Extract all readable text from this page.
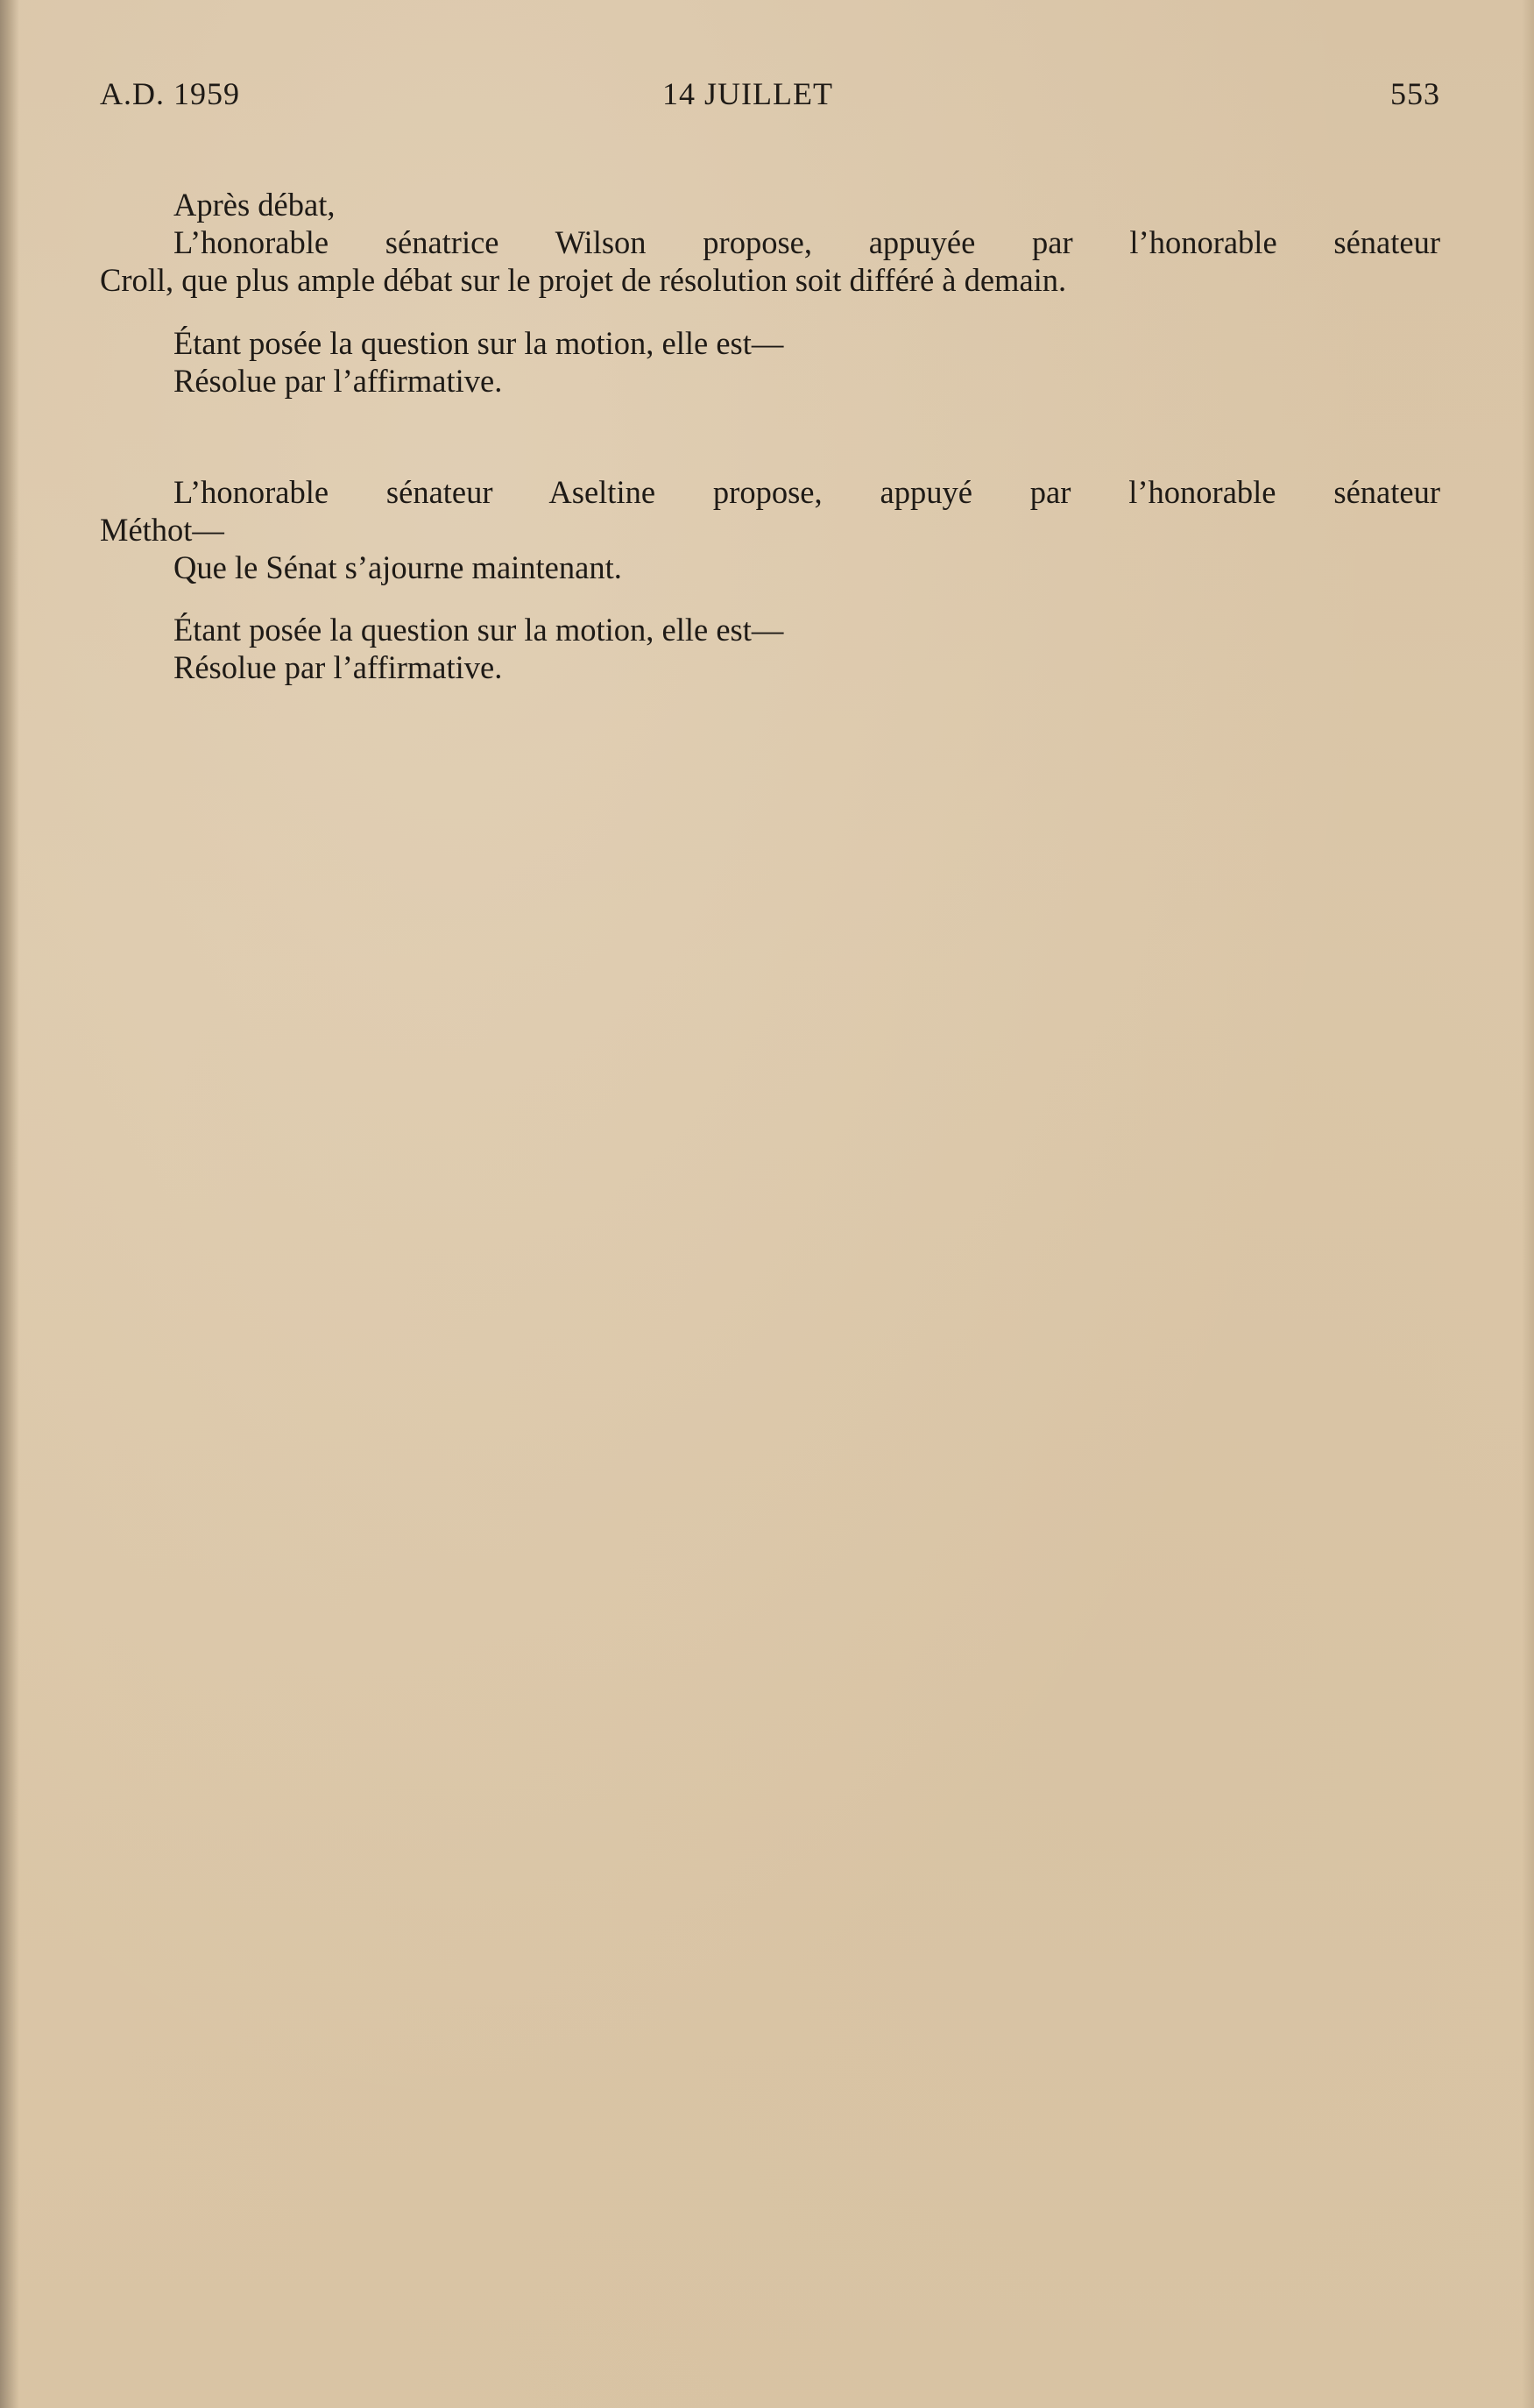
A.D. 1959	14 JUILLET	553
Après débat,
L’honorable sénatrice Wilson propose, appuyée par l’honorable sénateur
Croll, que plus ample débat sur le projet de résolution soit différé à demain.
Étant posée la question sur la motion, elle est—
Résolue par l’affirmative.
L’honorable sénateur Aseltine propose, appuyé par l’honorable sénateur
Méthot—
Que le Sénat s’ajourne maintenant.
Étant posée la question sur la motion, elle est—
Résolue par l’affirmative.
